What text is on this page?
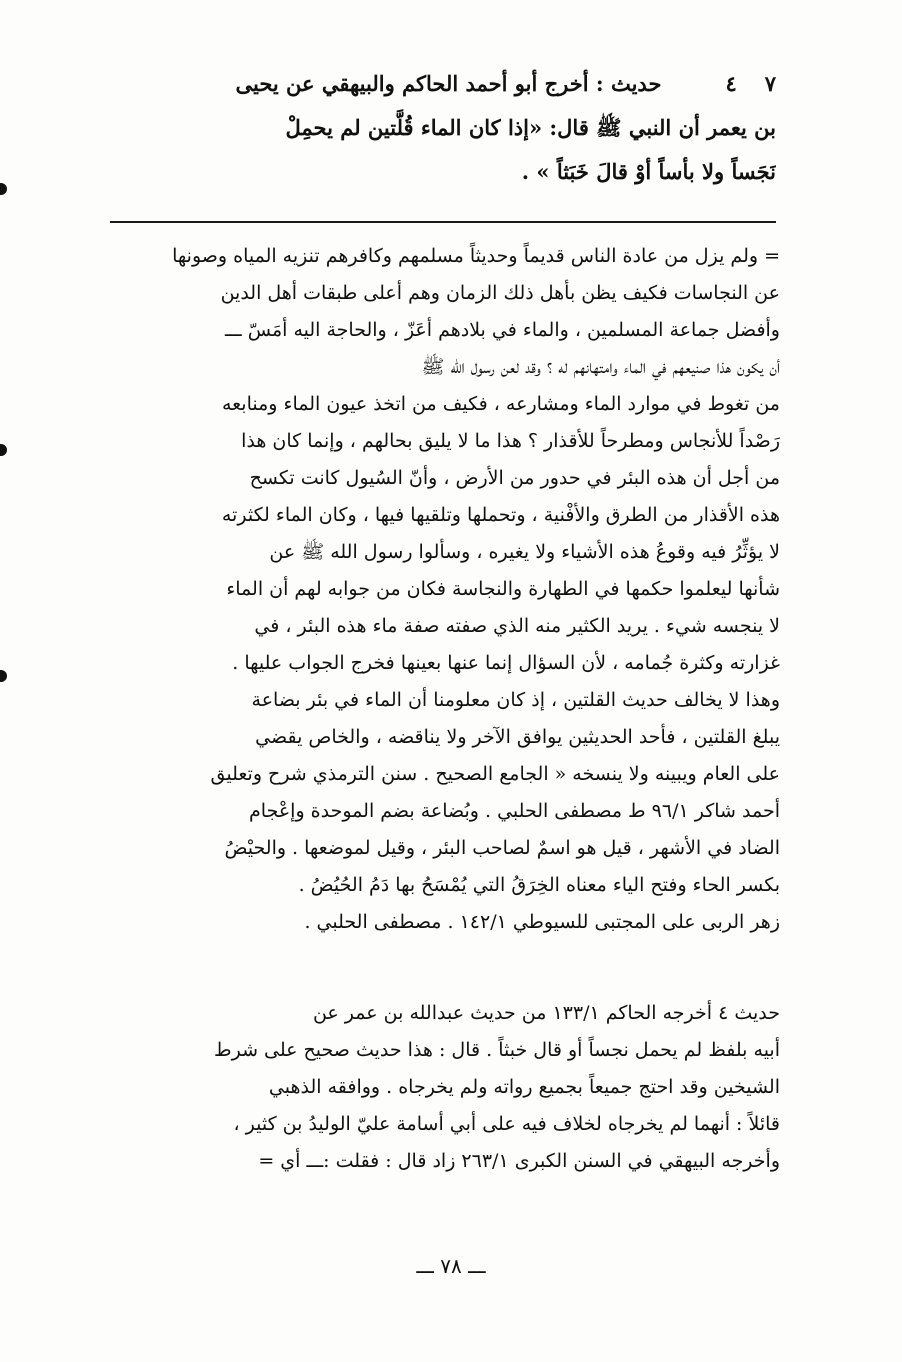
٧٤حديث : أخرج أبو أحمد الحاكم والبيهقي عن يحيى
بن يعمر أن النبي ﷺ قال: «إذا كان الماء قُلَّتين لم يحمِلْ
نَجَساً ولا بأساً أوْ قالَ خَبَثاً » .
= ولم يزل من عادة الناس قديماً وحديثاً مسلمهم وكافرهم تنزيه المياه وصونها
عن النجاسات فكيف يظن بأهل ذلك الزمان وهم أعلى طبقات أهل الدين
وأفضل جماعة المسلمين ، والماء في بلادهم أعَزّ ، والحاجة اليه أمَسّ ـــ
أن يكون هذا صنيعهم في الماء وامتهانهم له ؟ وقد لعن رسول الله ﷺ
من تغوط في موارد الماء ومشارعه ، فكيف من اتخذ عيون الماء ومنابعه
رَصْداً للأنجاس ومطرحاً للأقذار ؟ هذا ما لا يليق بحالهم ، وإنما كان هذا
من أجل أن هذه البئر في حدور من الأرض ، وأنّ السُيول كانت تكسح
هذه الأقذار من الطرق والأفْنية ، وتحملها وتلقيها فيها ، وكان الماء لكثرته
لا يؤثِّرُ فيه وقوعُ هذه الأشياء ولا يغيره ، وسألوا رسول الله ﷺ عن
شأنها ليعلموا حكمها في الطهارة والنجاسة فكان من جوابه لهم أن الماء
لا ينجسه شيء . يريد الكثير منه الذي صفته صفة ماء هذه البئر ، في
غزارته وكثرة جُمامه ، لأن السؤال إنما عنها بعينها فخرج الجواب عليها .
وهذا لا يخالف حديث القلتين ، إذ كان معلومنا أن الماء في بئر بضاعة
يبلغ القلتين ، فأحد الحديثين يوافق الآخر ولا يناقضه ، والخاص يقضي
على العام ويبينه ولا ينسخه « الجامع الصحيح . سنن الترمذي شرح وتعليق
أحمد شاكر ٩٦/١ ط مصطفى الحلبي . وبُضاعة بضم الموحدة وإعْجام
الضاد في الأشهر ، قيل هو اسمٌ لصاحب البئر ، وقيل لموضعها . والحيْضُ
بكسر الحاء وفتح الياء معناه الخِرَقُ التي يُمْسَحُ بها دَمُ الحُيُضُ .
زهر الربى على المجتبى للسيوطي ١٤٢/١ . مصطفى الحلبي .
حديث ٤ أخرجه الحاكم ١٣٣/١ من حديث عبدالله بن عمر عن
أبيه بلفظ لم يحمل نجساً أو قال خبثاً . قال : هذا حديث صحيح على شرط
الشيخين وقد احتج جميعاً بجميع رواته ولم يخرجاه . ووافقه الذهبي
قائلاً : أنهما لم يخرجاه لخلاف فيه على أبي أسامة عليّ الوليدُ بن كثير ،
وأخرجه البيهقي في السنن الكبرى ٢٦٣/١ زاد قال : فقلت :ـــ أي =
ـــ ٧٨ ـــ
